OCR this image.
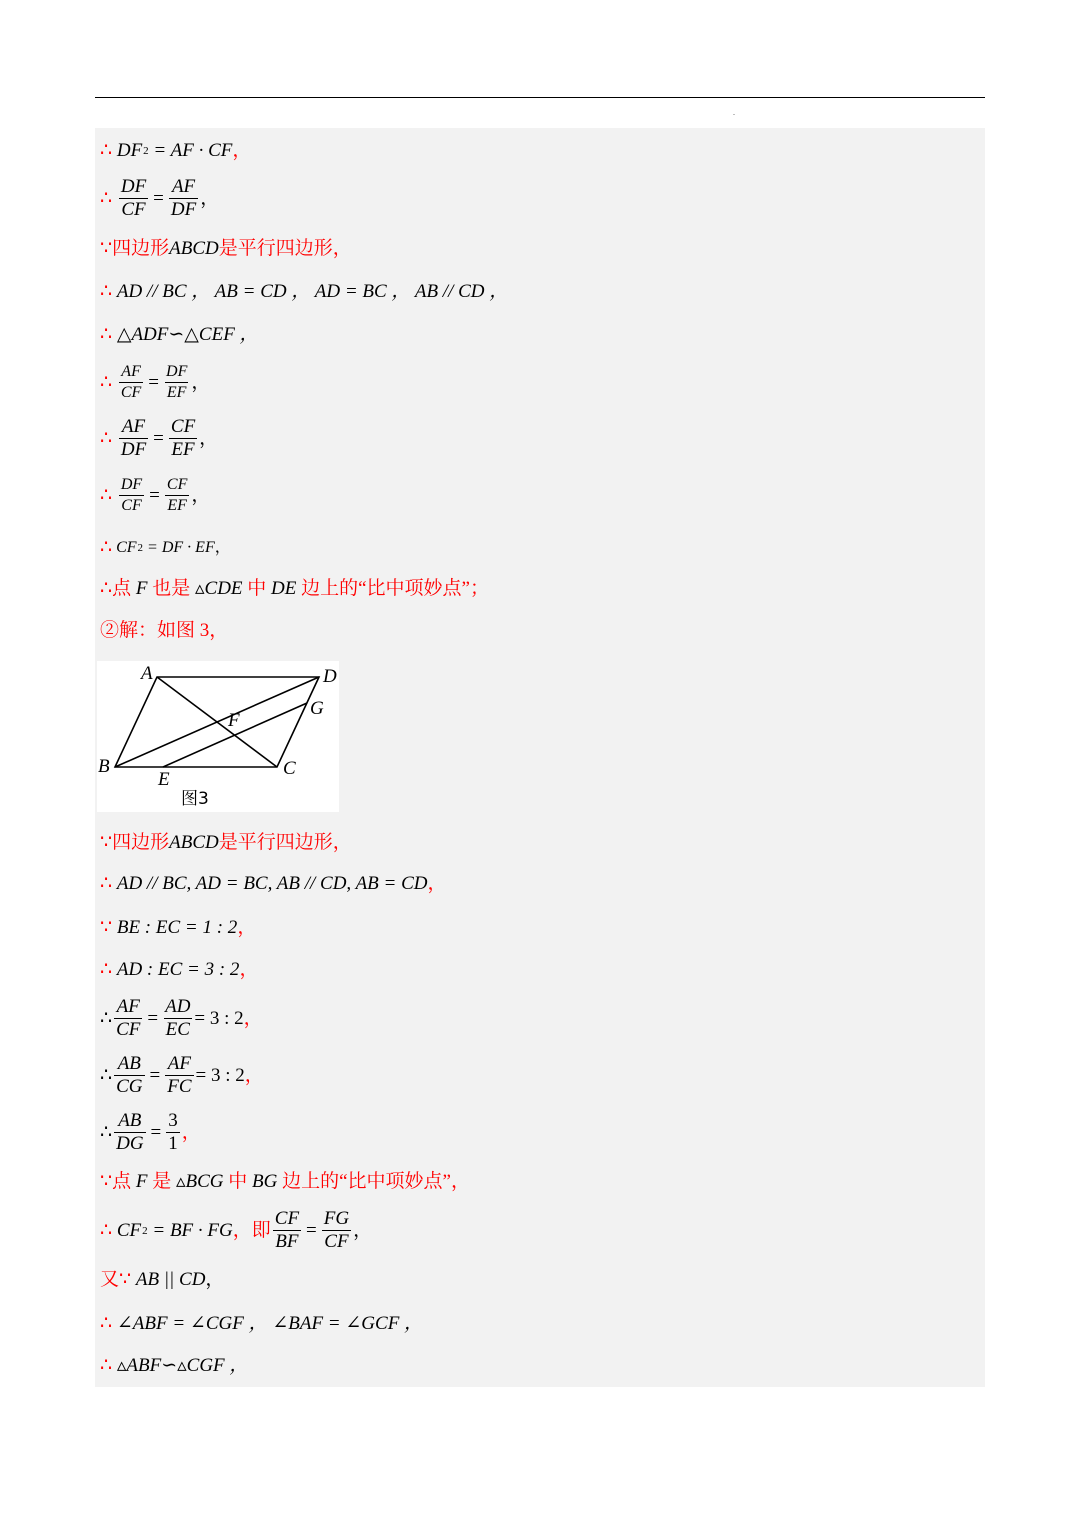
.
∴
DF 2
= AF · CF ，
∴
$\frac{DF}{CF} = \frac{AF}{DF}$ ，
∵ 四边形 ABCD 是平行四边形，
∴
AD // BC ， AB = CD ， AD = BC ， AB // CD ，
∴
△ADF∽△CEF ，
∴
$\frac{AF}{CF} = \frac{DF}{EF}$ ，
∴
$\frac{AF}{DF} = \frac{CF}{EF}$ ，
∴
$\frac{DF}{CF} = \frac{CF}{EF}$ ，
∴
CF 2
= DF · EF ，
∴ 点
F
也是
▵CDE
中
DE
边上的“比中项妙点”；
②解：如图 3，
A	D
G
F
B	C
E
图3
∵ 四边形 ABCD 是平行四边形，
∴
AD // BC, AD = BC, AB // CD, AB = CD ，
∵
BE : EC = 1 : 2 ，
∴
AD : EC = 3 : 2 ，
∴ $\frac{AF}{CF} = \frac{AD}{EC} = 3$ : 2 ，
∴ $\frac{AB}{CG} = \frac{AF}{FC} = 3$ : 2 ，
∴ $\frac{AB}{DG} = \frac{3}{1}$ ，
∵ 点
F
是
▵BCG
中
BG
边上的“比中项妙点”，
∴
CF 2
= BF · FG ，即 $\frac{CF}{BF} = \frac{FG}{CF}$ ，
又 ∵
AB || CD ，
∴
∠ABF = ∠CGF ， ∠BAF = ∠GCF ，
∴
▵ABF∽▵CGF ，
